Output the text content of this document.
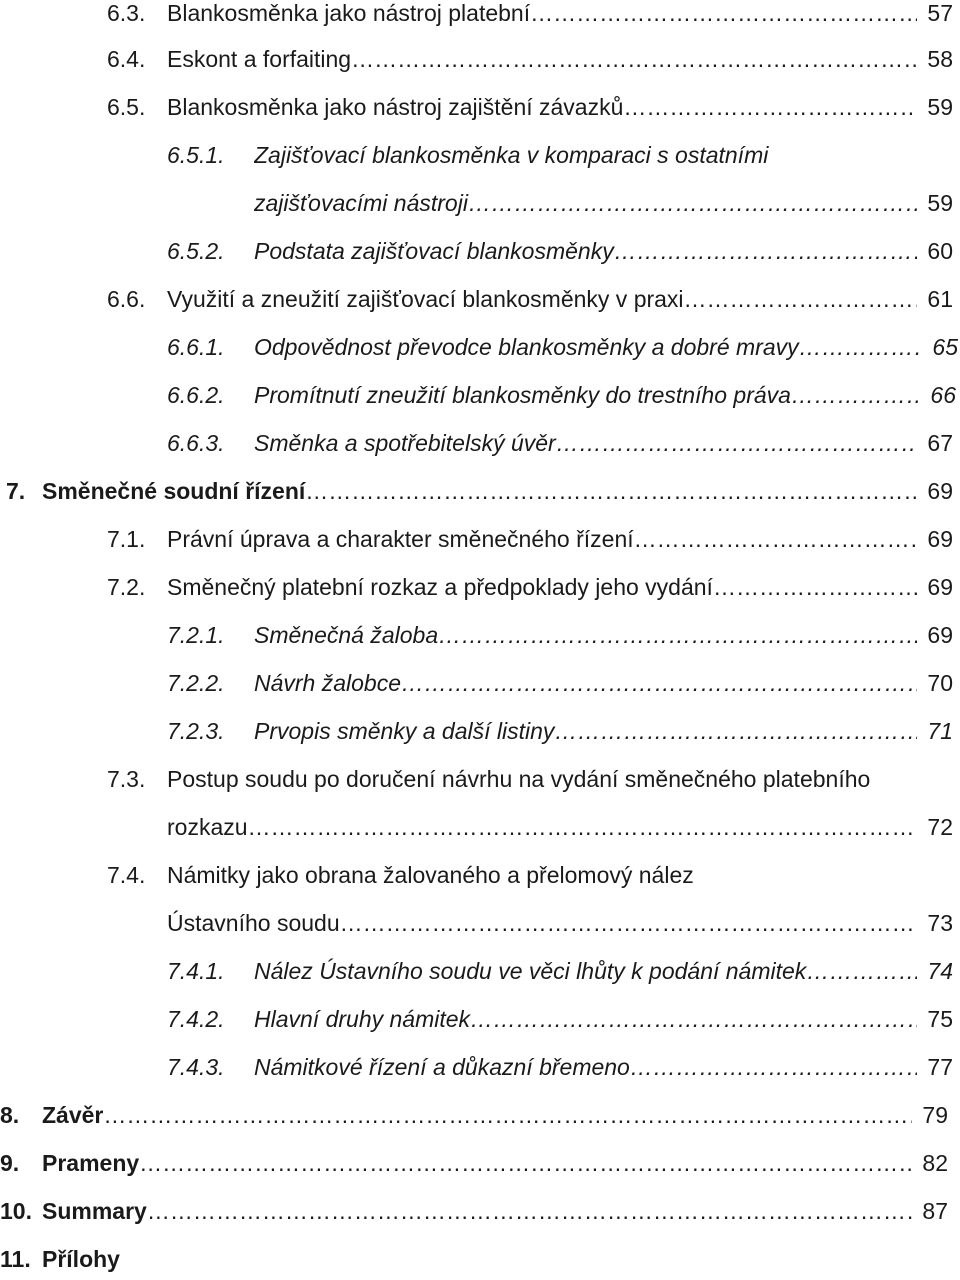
6.3. Blankosměnka jako nástroj platební …………………………………………………………………………………………………………………………………………………………………………	57
6.4. Eskont a forfaiting …………………………………………………………………………………………………………………………………………………………………………	58
6.5. Blankosměnka jako nástroj zajištění závazků …………………………………………………………………………………………………………………………………………………………………………	59
6.5.1. Zajišťovací blankosměnka v komparaci s ostatními
zajišťovacími nástroji …………………………………………………………………………………………………………………………………………………………………………	59
6.5.2. Podstata zajišťovací blankosměnky …………………………………………………………………………………………………………………………………………………………………………	60
6.6. Využití a zneužití zajišťovací blankosměnky v praxi …………………………………………………………………………………………………………………………………………………………………………	61
6.6.1. Odpovědnost převodce blankosměnky a dobré mravy …………………………………………………………………………………………………………………………………………………………………………	65
6.6.2. Promítnutí zneužití blankosměnky do trestního práva …………………………………………………………………………………………………………………………………………………………………………	66
6.6.3. Směnka a spotřebitelský úvěr …………………………………………………………………………………………………………………………………………………………………………	67
7. Směnečné soudní řízení …………………………………………………………………………………………………………………………………………………………………………	69
7.1. Právní úprava a charakter směnečného řízení …………………………………………………………………………………………………………………………………………………………………………	69
7.2. Směnečný platební rozkaz a předpoklady jeho vydání …………………………………………………………………………………………………………………………………………………………………………	69
7.2.1. Směnečná žaloba …………………………………………………………………………………………………………………………………………………………………………	69
7.2.2. Návrh žalobce …………………………………………………………………………………………………………………………………………………………………………	70
7.2.3. Prvopis směnky a další listiny …………………………………………………………………………………………………………………………………………………………………………	71
7.3. Postup soudu po doručení návrhu na vydání směnečného platebního
rozkazu …………………………………………………………………………………………………………………………………………………………………………	72
7.4. Námitky jako obrana žalovaného a přelomový nález
Ústavního soudu …………………………………………………………………………………………………………………………………………………………………………	73
7.4.1. Nález Ústavního soudu ve věci lhůty k podání námitek …………………………………………………………………………………………………………………………………………………………………………	74
7.4.2. Hlavní druhy námitek …………………………………………………………………………………………………………………………………………………………………………	75
7.4.3. Námitkové řízení a důkazní břemeno …………………………………………………………………………………………………………………………………………………………………………	77
8. Závěr …………………………………………………………………………………………………………………………………………………………………………	79
9. Prameny …………………………………………………………………………………………………………………………………………………………………………	82
10. Summary …………………………………………………………………………………………………………………………………………………………………………	87
11. Přílohy
